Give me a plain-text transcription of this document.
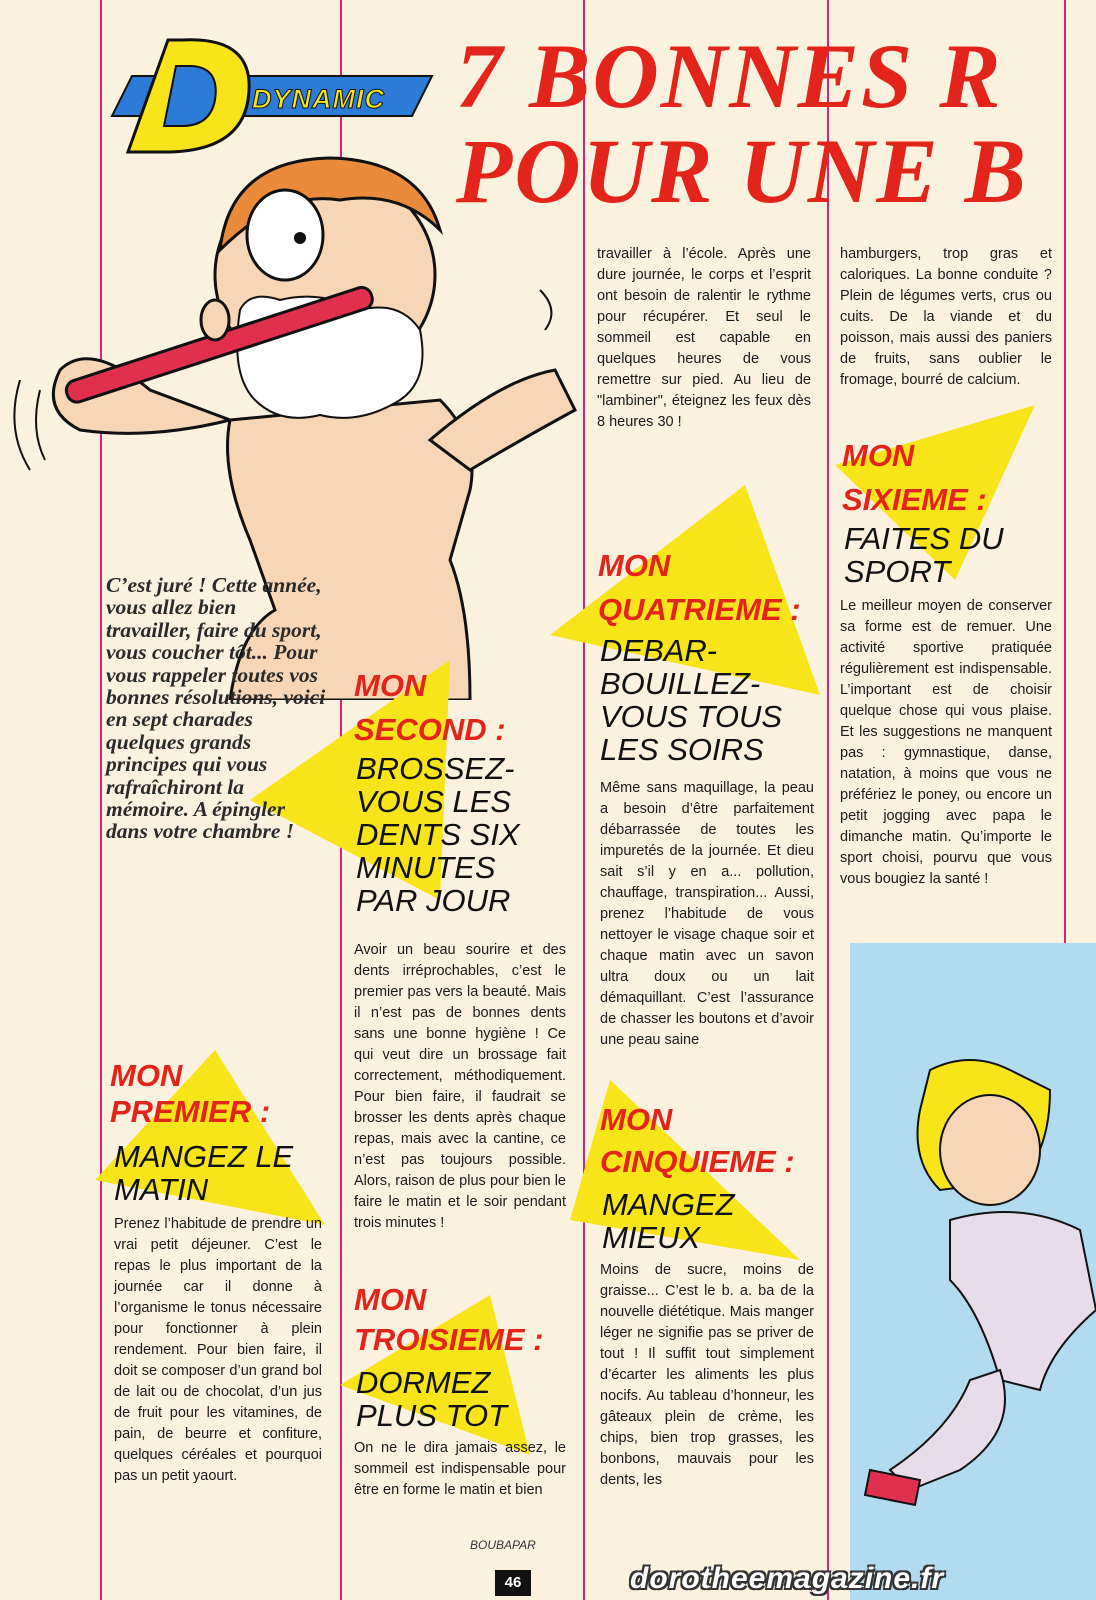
DYNAMIC 7 BONNES R
POUR UNE B
C’est juré ! Cette année, vous allez bien travailler, faire du sport, vous coucher tôt... Pour vous rappeler toutes vos bonnes résolutions, voici en sept charades quelques grands principes qui vous rafraîchiront la mémoire. A épingler dans votre chambre !
MON
PREMIER :
MANGEZ LE MATIN
Prenez l’habitude de prendre un vrai petit déjeuner. C’est le repas le plus important de la journée car il donne à l’organisme le tonus nécessaire pour fonctionner à plein rendement. Pour bien faire, il doit se composer d’un grand bol de lait ou de chocolat, d’un jus de fruit pour les vitamines, de pain, de beurre et confiture, quelques céréales et pourquoi pas un petit yaourt.
MON
SECOND :
BROSSEZ-VOUS LES DENTS SIX MINUTES PAR JOUR
Avoir un beau sourire et des dents irréprochables, c’est le premier pas vers la beauté. Mais il n’est pas de bonnes dents sans une bonne hygiène ! Ce qui veut dire un brossage fait correctement, méthodiquement. Pour bien faire, il faudrait se brosser les dents après chaque repas, mais avec la cantine, ce n’est pas toujours possible. Alors, raison de plus pour bien le faire le matin et le soir pendant trois minutes !
MON
TROISIEME :
DORMEZ PLUS TOT
On ne le dira jamais assez, le sommeil est indispensable pour être en forme le matin et bien
travailler à l’école. Après une dure journée, le corps et l’esprit ont besoin de ralentir le rythme pour récupérer. Et seul le sommeil est capable en quelques heures de vous remettre sur pied. Au lieu de "lambiner", éteignez les feux dès 8 heures 30 !
MON
QUATRIEME :
DEBAR-BOUILLEZ-VOUS TOUS LES SOIRS
Même sans maquillage, la peau a besoin d’être parfaitement débarrassée de toutes les impuretés de la journée. Et dieu sait s’il y en a... pollution, chauffage, transpiration... Aussi, prenez l’habitude de vous nettoyer le visage chaque soir et chaque matin avec un savon ultra doux ou un lait démaquillant. C’est l’assurance de chasser les boutons et d’avoir une peau saine
MON
CINQUIEME :
MANGEZ MIEUX
Moins de sucre, moins de graisse... C’est le b. a. ba de la nouvelle diététique. Mais manger léger ne signifie pas se priver de tout ! Il suffit tout simplement d’écarter les aliments les plus nocifs. Au tableau d’honneur, les gâteaux plein de crème, les chips, bien trop grasses, les bonbons, mauvais pour les dents, les
hamburgers, trop gras et caloriques. La bonne conduite ? Plein de légumes verts, crus ou cuits. De la viande et du poisson, mais aussi des paniers de fruits, sans oublier le fromage, bourré de calcium.
MON
SIXIEME :
FAITES DU SPORT
Le meilleur moyen de conserver sa forme est de remuer. Une activité sportive pratiquée régulièrement est indispensable. L’important est de choisir quelque chose qui vous plaise. Et les suggestions ne manquent pas : gymnastique, danse, natation, à moins que vous ne préfériez le poney, ou encore un petit jogging avec papa le dimanche matin. Qu’importe le sport choisi, pourvu que vous vous bougiez la santé !
BOUBAPAR
46	dorotheemagazine.fr
